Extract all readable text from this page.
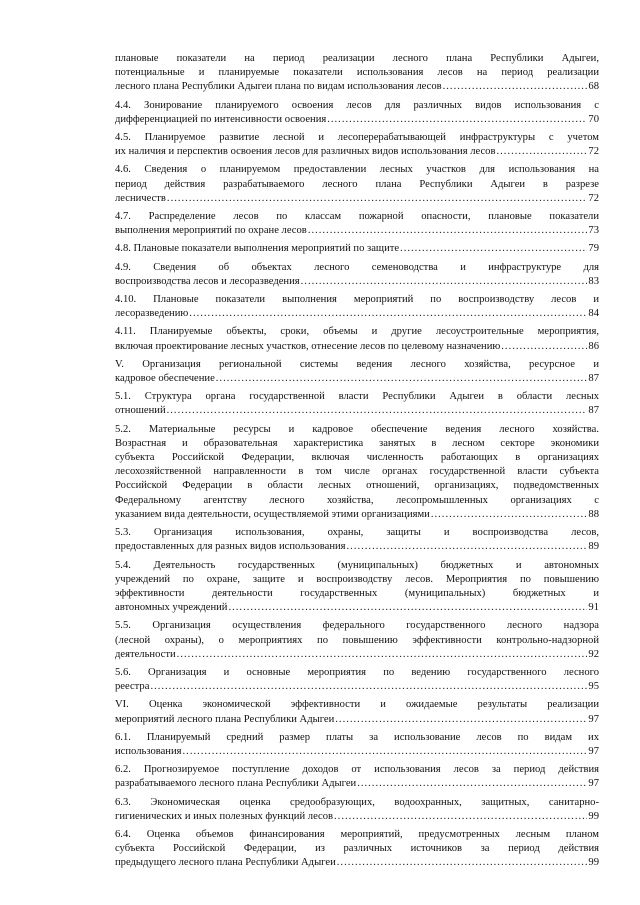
плановые показатели на период реализации лесного плана Республики Адыгеи,
потенциальные и планируемые показатели использования лесов на период реализации
лесного плана Республики Адыгеи плана по видам использования лесов .....	68
4.4. Зонирование планируемого освоения лесов для различных видов использования с
дифференциацией по интенсивности освоения .....	70
4.5. Планируемое развитие лесной и лесоперерабатывающей инфраструктуры с учетом
их наличия и перспектив освоения лесов для различных видов использования лесов .....	72
4.6. Сведения о планируемом предоставлении лесных участков для использования на
период действия разрабатываемого лесного плана Республики Адыгеи в разрезе
лесничеств .....	72
4.7. Распределение лесов по классам пожарной опасности, плановые показатели
выполнения мероприятий по охране лесов .....	73
4.8. Плановые показатели выполнения мероприятий по защите .....	79
4.9. Сведения об объектах лесного семеноводства и инфраструктуре для
воспроизводства лесов и лесоразведения .....	83
4.10. Плановые показатели выполнения мероприятий по воспроизводству лесов и
лесоразведению .....	84
4.11. Планируемые объекты, сроки, объемы и другие лесоустроительные мероприятия,
включая проектирование лесных участков, отнесение лесов по целевому назначению .....	86
V. Организация региональной системы ведения лесного хозяйства, ресурсное и
кадровое обеспечение .....	87
5.1. Структура органа государственной власти Республики Адыгеи в области лесных
отношений .....	87
5.2. Материальные ресурсы и кадровое обеспечение ведения лесного хозяйства.
Возрастная и образовательная характеристика занятых в лесном секторе экономики
субъекта Российской Федерации, включая численность работающих в организациях
лесохозяйственной направленности в том числе органах государственной власти субъекта
Российской Федерации в области лесных отношений, организациях, подведомственных
Федеральному агентству лесного хозяйства, лесопромышленных организациях с
указанием вида деятельности, осуществляемой этими организациями .....	88
5.3. Организация использования, охраны, защиты и воспроизводства лесов,
предоставленных для разных видов использования .....	89
5.4. Деятельность государственных (муниципальных) бюджетных и автономных
учреждений по охране, защите и воспроизводству лесов. Мероприятия по повышению
эффективности деятельности государственных (муниципальных) бюджетных и
автономных учреждений .....	91
5.5. Организация осуществления федерального государственного лесного надзора
(лесной охраны), о мероприятиях по повышению эффективности контрольно-надзорной
деятельности .....	92
5.6. Организация и основные мероприятия по ведению государственного лесного
реестра .....	95
VI. Оценка экономической эффективности и ожидаемые результаты реализации
мероприятий лесного плана Республики Адыгеи .....	97
6.1. Планируемый средний размер платы за использование лесов по видам их
использования .....	97
6.2. Прогнозируемое поступление доходов от использования лесов за период действия
разрабатываемого лесного плана Республики Адыгеи .....	97
6.3. Экономическая оценка средообразующих, водоохранных, защитных, санитарно-
гигиенических и иных полезных функций лесов .....	99
6.4. Оценка объемов финансирования мероприятий, предусмотренных лесным планом
субъекта Российской Федерации, из различных источников за период действия
предыдущего лесного плана Республики Адыгеи .....	99
